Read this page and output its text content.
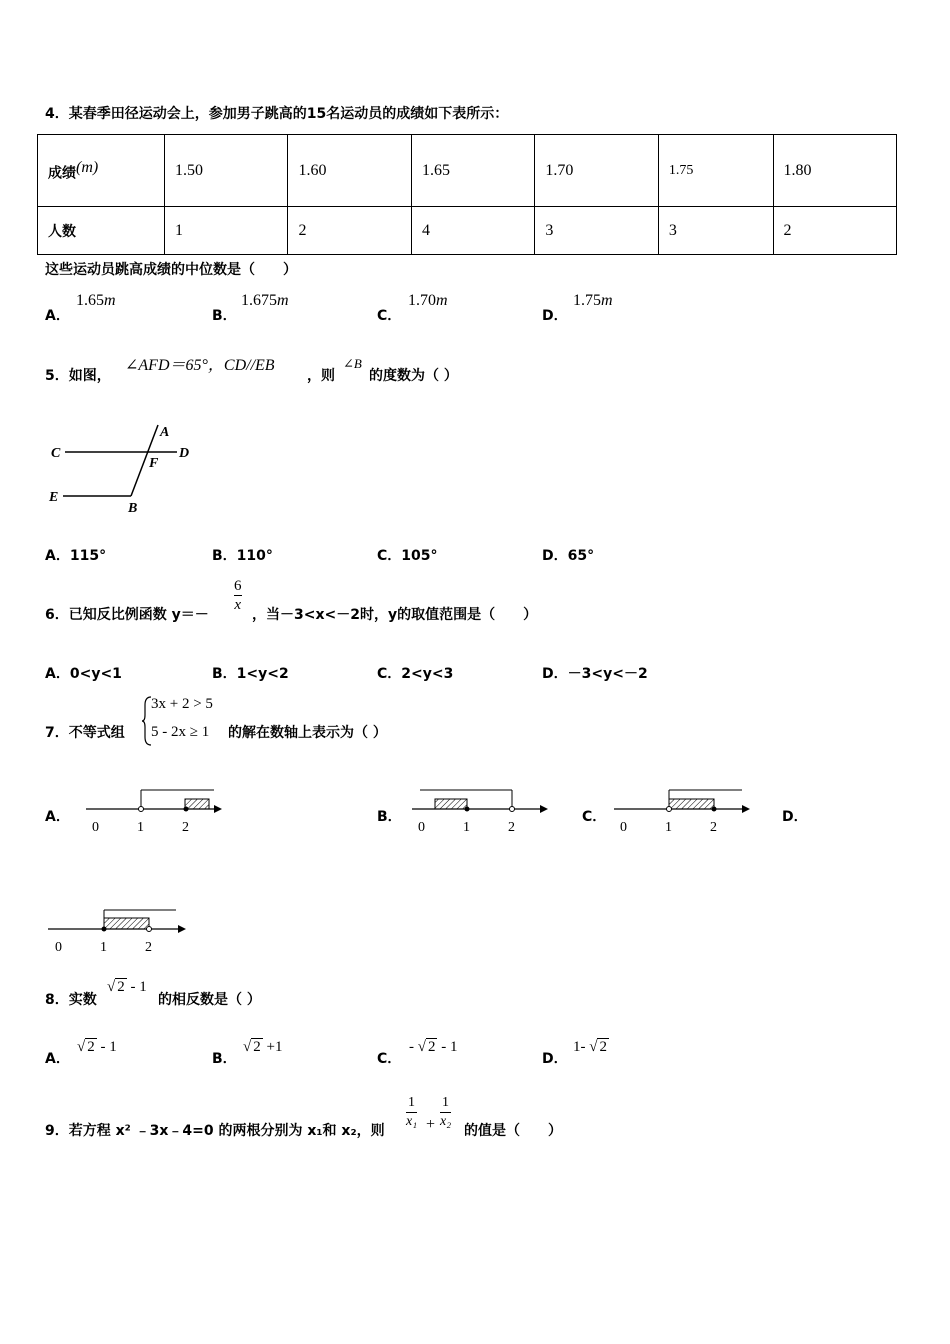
4．某春季田径运动会上，参加男子跳高的15名运动员的成绩如下表所示：
成绩$^{(m)}$	1.50	1.60	1.65	1.70	1.75	1.80
人数	1	2	4	3	3	2
这些运动员跳高成绩的中位数是（　　）
A．
1.65m
B．
1.675m
C．
1.70m
D．
1.75m
5．如图，
∠AFD＝65°，CD//EB
，则
∠B
的度数为（ ）
A
C	D
F
E
B
A．115°	B．110°	C．105°	D．65°
6．已知反比例函数 y＝－
$\frac{6}{x}$
，当－3<x<－2时，y的取值范围是（　　）
A．0<y<1	B．1<y<2	C．2<y<3	D．－3<y<－2
7．不等式组
3x + 2 > 5
5 - 2x ≥ 1 的解在数轴上表示为（ ）
A．	B．	C．	D．
0	1	2	0	1	2	0	1	2
0	1	2
8．实数
√ 2 - 1
的相反数是（ ）
A．
√ 2 - 1
B．
√ 2 +1
C．
- √ 2 - 1
D．
1- √ 2
9．若方程 x² ﹣3x﹣4=0 的两根分别为 x₁和 x₂，则 $\frac{1}{\text{x₁}} + \frac{1}{\text{x₂}}$ 的值是（　　）
